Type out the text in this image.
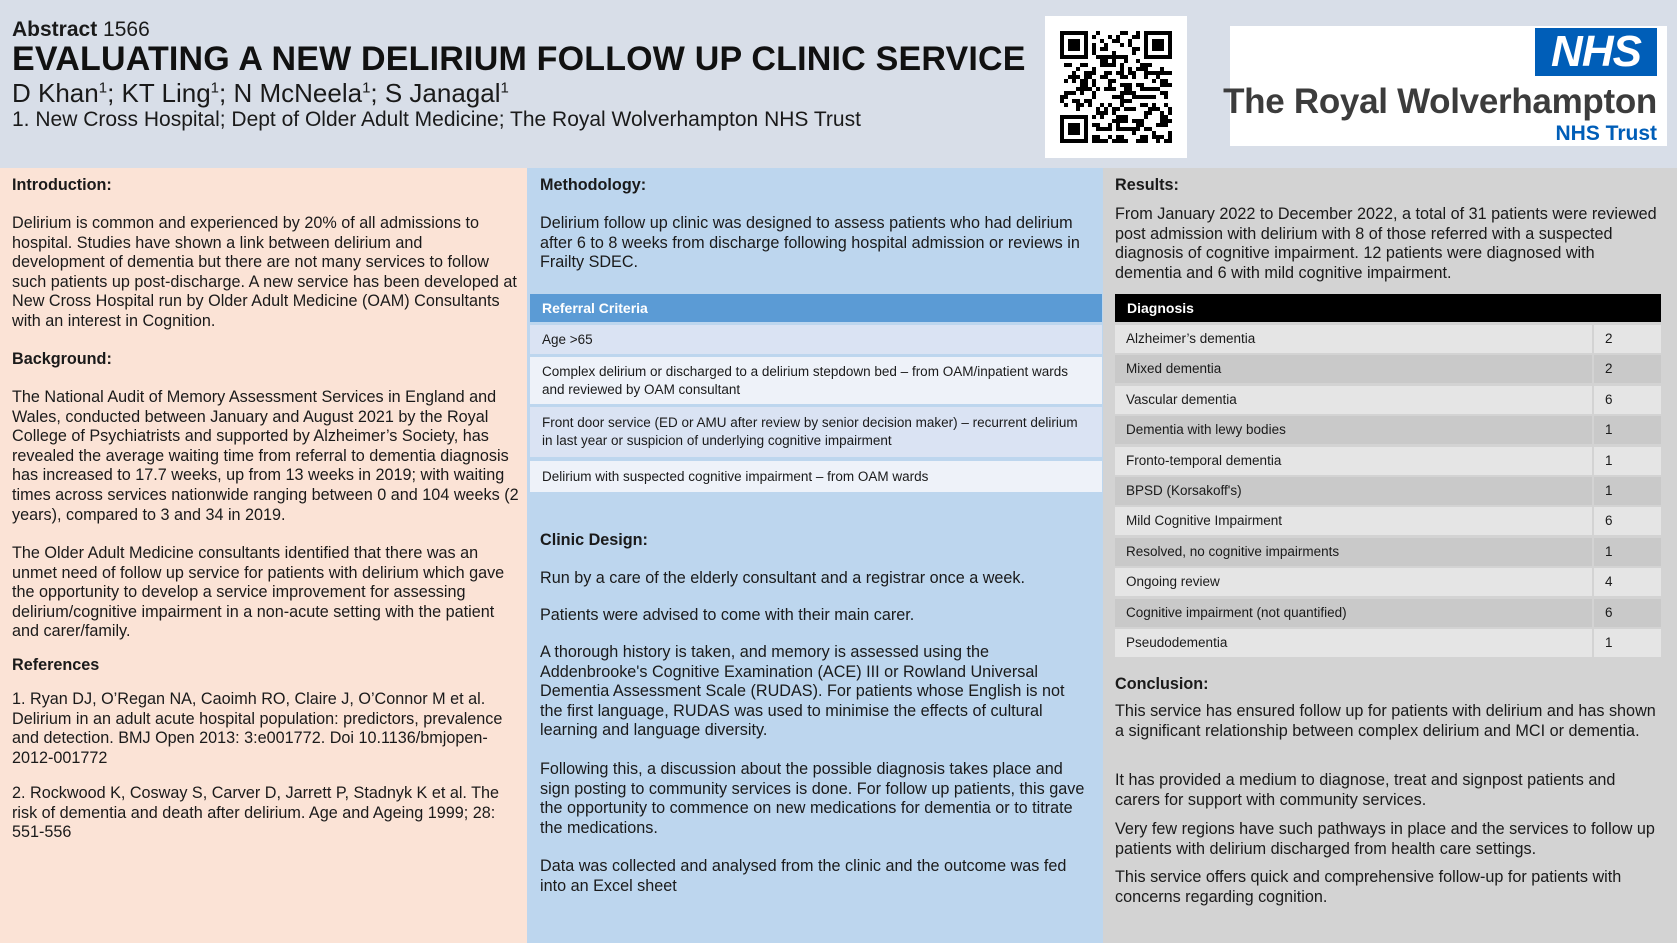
Abstract 1566
EVALUATING A NEW DELIRIUM FOLLOW UP CLINIC SERVICE
D Khan$^1$; KT Ling$^1$; N McNeela$^1$; S Janagal$^1$
1. New Cross Hospital; Dept of Older Adult Medicine; The Royal Wolverhampton NHS Trust
NHS
The Royal Wolverhampton
NHS Trust
Introduction:
Delirium is common and experienced by 20% of all admissions to hospital. Studies have shown a link between delirium and development of dementia but there are not many services to follow such patients up post-discharge. A new service has been developed at New Cross Hospital run by Older Adult Medicine (OAM) Consultants with an interest in Cognition.
Background:
The National Audit of Memory Assessment Services in England and Wales, conducted between January and August 2021 by the Royal College of Psychiatrists and supported by Alzheimer’s Society, has revealed the average waiting time from referral to dementia diagnosis has increased to 17.7 weeks, up from 13 weeks in 2019; with waiting times across services nationwide ranging between 0 and 104 weeks (2 years), compared to 3 and 34 in 2019.
The Older Adult Medicine consultants identified that there was an unmet need of follow up service for patients with delirium which gave the opportunity to develop a service improvement for assessing delirium/cognitive impairment in a non-acute setting with the patient and carer/family.
References
1. Ryan DJ, O’Regan NA, Caoimh RO, Claire J, O’Connor M et al. Delirium in an adult acute hospital population: predictors, prevalence and detection. BMJ Open 2013: 3:e001772. Doi 10.1136/bmjopen-2012-001772
2. Rockwood K, Cosway S, Carver D, Jarrett P, Stadnyk K et al. The risk of dementia and death after delirium. Age and Ageing 1999; 28: 551-556
Methodology:
Delirium follow up clinic was designed to assess patients who had delirium after 6 to 8 weeks from discharge following hospital admission or reviews in Frailty SDEC.
Referral Criteria
Age >65
Complex delirium or discharged to a delirium stepdown bed – from OAM/inpatient wards and reviewed by OAM consultant
Front door service (ED or AMU after review by senior decision maker) – recurrent delirium in last year or suspicion of underlying cognitive impairment
Delirium with suspected cognitive impairment – from OAM wards
Clinic Design:
Run by a care of the elderly consultant and a registrar once a week.
Patients were advised to come with their main carer.
A thorough history is taken, and memory is assessed using the Addenbrooke's Cognitive Examination (ACE) III or Rowland Universal Dementia Assessment Scale (RUDAS). For patients whose English is not the first language, RUDAS was used to minimise the effects of cultural learning and language diversity.
Following this, a discussion about the possible diagnosis takes place and sign posting to community services is done. For follow up patients, this gave the opportunity to commence on new medications for dementia or to titrate the medications.
Data was collected and analysed from the clinic and the outcome was fed into an Excel sheet
Results:
From January 2022 to December 2022, a total of 31 patients were reviewed post admission with delirium with 8 of those referred with a suspected diagnosis of cognitive impairment. 12 patients were diagnosed with dementia and 6 with mild cognitive impairment.
Diagnosis
Alzheimer’s dementia	2
Mixed dementia	2
Vascular dementia	6
Dementia with lewy bodies	1
Fronto-temporal dementia	1
BPSD (Korsakoff's)	1
Mild Cognitive Impairment	6
Resolved, no cognitive impairments	1
Ongoing review	4
Cognitive impairment (not quantified)	6
Pseudodementia	1
Conclusion:
This service has ensured follow up for patients with delirium and has shown a significant relationship between complex delirium and MCI or dementia.
It has provided a medium to diagnose, treat and signpost patients and carers for support with community services.
Very few regions have such pathways in place and the services to follow up patients with delirium discharged from health care settings.
This service offers quick and comprehensive follow-up for patients with concerns regarding cognition.
